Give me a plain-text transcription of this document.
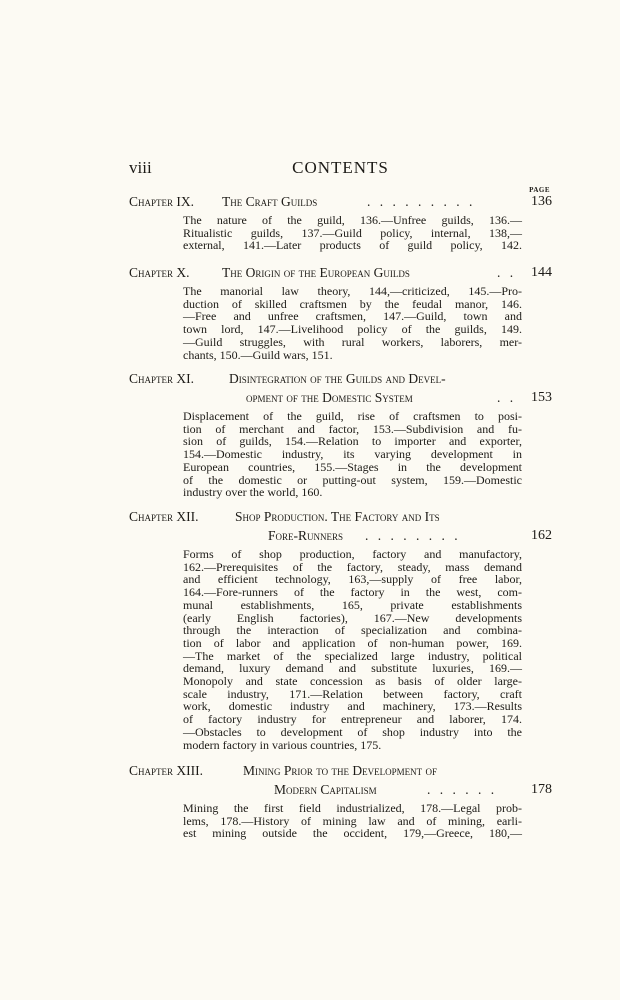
viii	CONTENTS
PAGE
Chapter IX. The Craft Guilds	. . . . . . . . .	136
The nature of the guild, 136.—Unfree guilds, 136.—
Ritualistic guilds, 137.—Guild policy, internal, 138,—
external, 141.—Later products of guild policy, 142.
Chapter X. The Origin of the European Guilds	. . 144
The manorial law theory, 144,—criticized, 145.—Pro-
duction of skilled craftsmen by the feudal manor, 146.
—Free and unfree craftsmen, 147.—Guild, town and
town lord, 147.—Livelihood policy of the guilds, 149.
—Guild struggles, with rural workers, laborers, mer-
chants, 150.—Guild wars, 151.
Chapter XI.	Disintegration of the Guilds and Devel-
opment of the Domestic System	. . 153
Displacement of the guild, rise of craftsmen to posi-
tion of merchant and factor, 153.—Subdivision and fu-
sion of guilds, 154.—Relation to importer and exporter,
154.—Domestic industry, its varying development in
European countries, 155.—Stages in the development
of the domestic or putting-out system, 159.—Domestic
industry over the world, 160.
Chapter XII.	Shop Production. The Factory and Its
Fore-Runners . . . . . . . .	162
Forms of shop production, factory and manufactory,
162.—Prerequisites of the factory, steady, mass demand
and efficient technology, 163,—supply of free labor,
164.—Fore-runners of the factory in the west, com-
munal establishments, 165, private establishments
(early English factories), 167.—New developments
through the interaction of specialization and combina-
tion of labor and application of non-human power, 169.
—The market of the specialized large industry, political
demand, luxury demand and substitute luxuries, 169.—
Monopoly and state concession as basis of older large-
scale industry, 171.—Relation between factory, craft
work, domestic industry and machinery, 173.—Results
of factory industry for entrepreneur and laborer, 174.
—Obstacles to development of shop industry into the
modern factory in various countries, 175.
Chapter XIII.	Mining Prior to the Development of
Modern Capitalism	. . . . . . 178
Mining the first field industrialized, 178.—Legal prob-
lems, 178.—History of mining law and of mining, earli-
est mining outside the occident, 179,—Greece, 180,—
